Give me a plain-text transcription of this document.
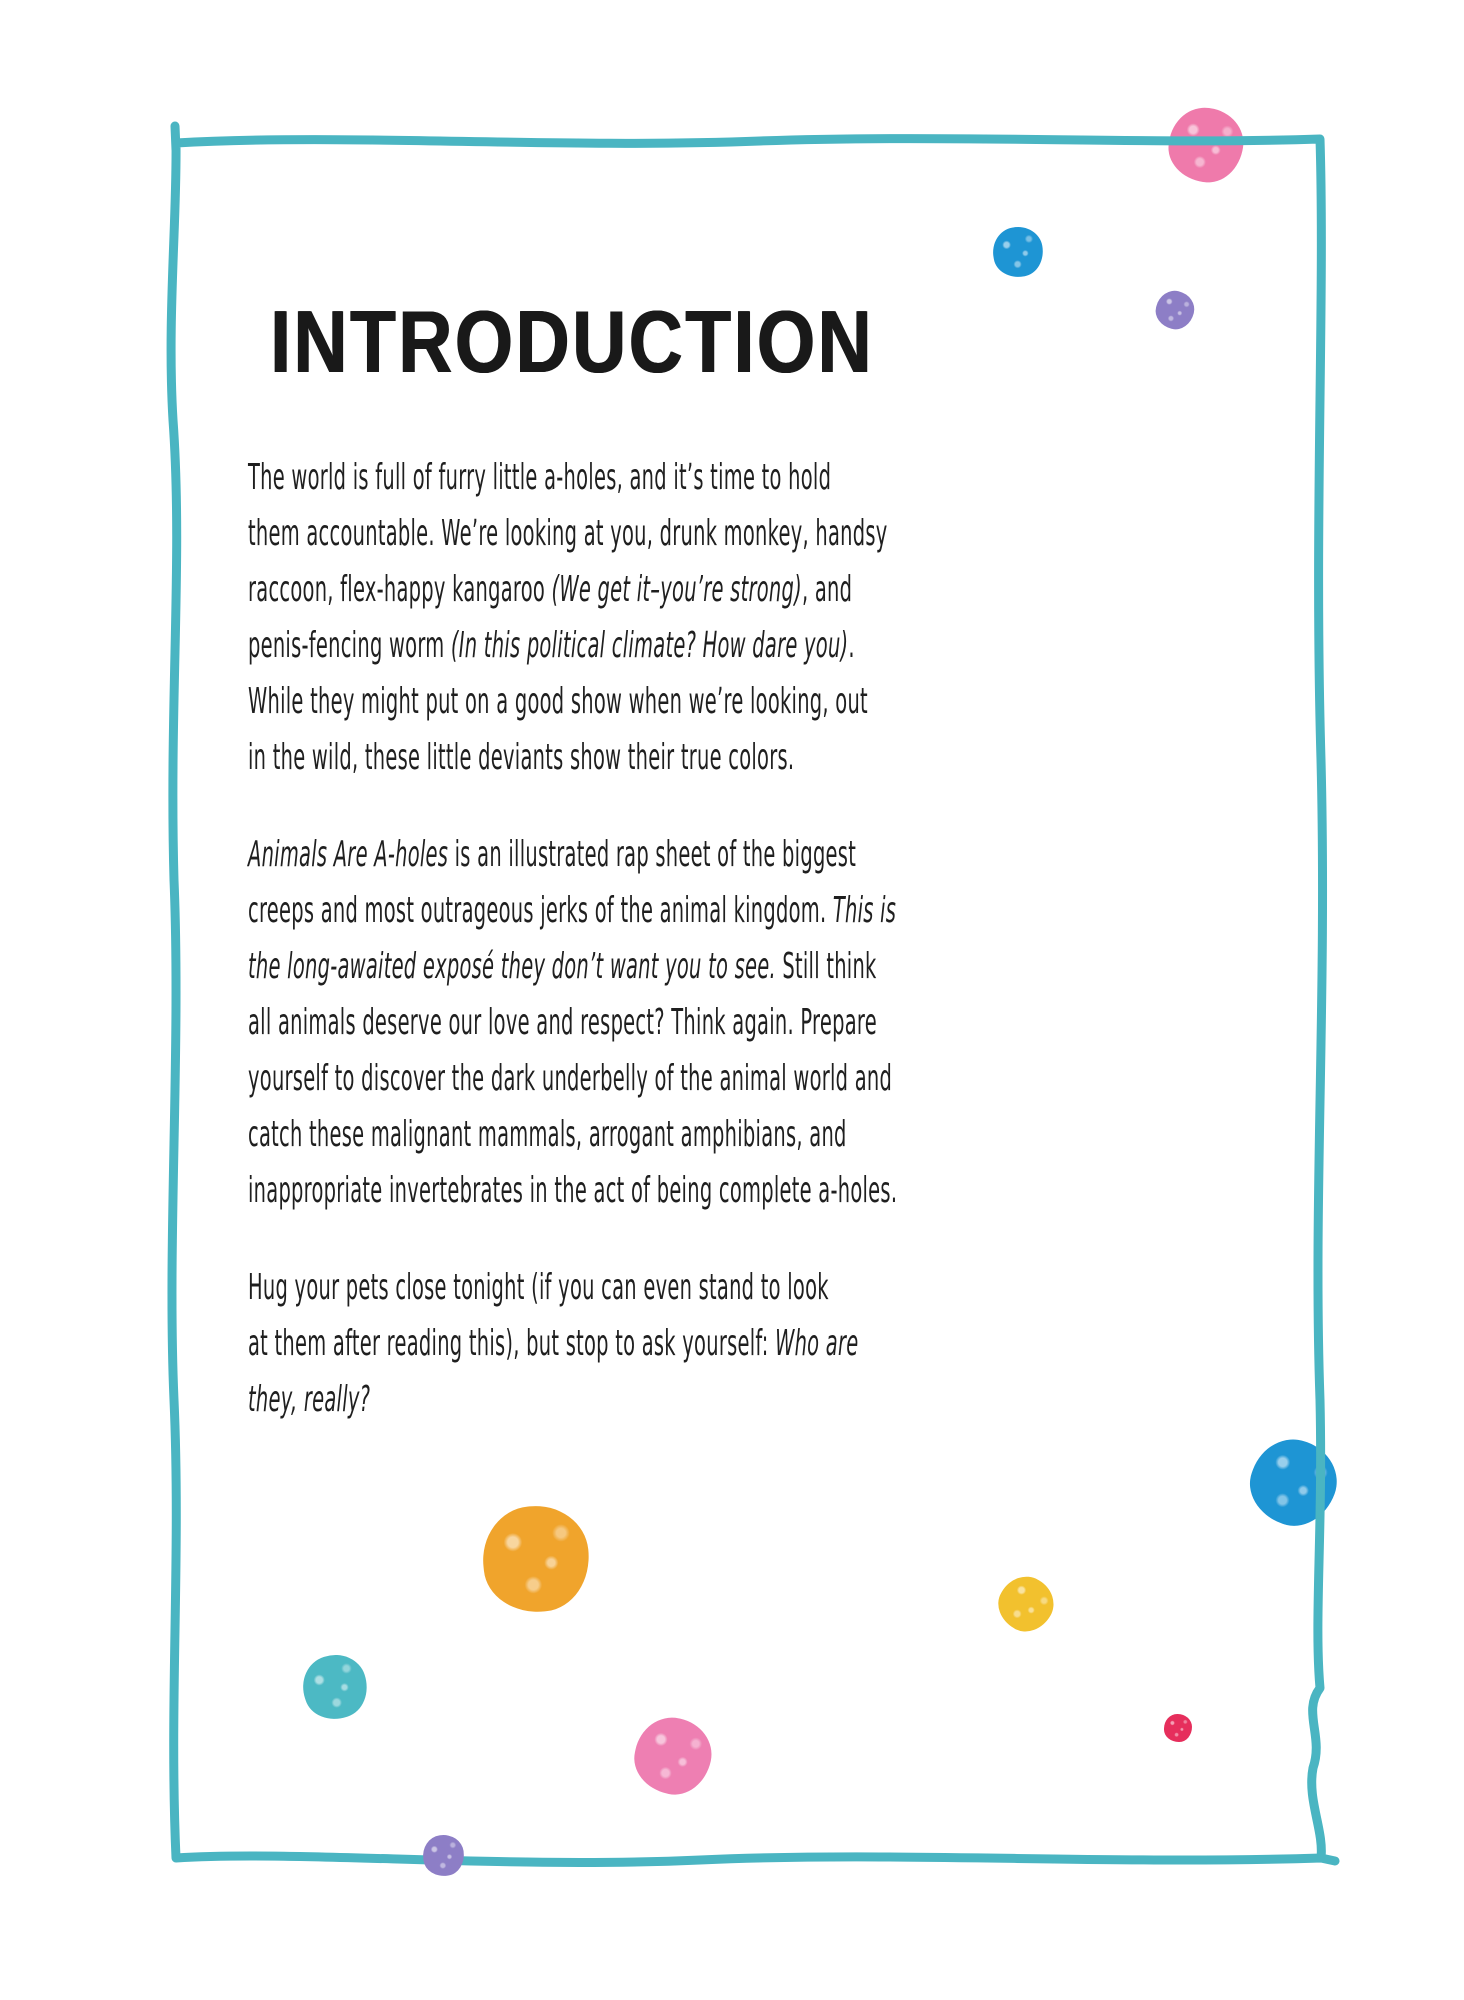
INTRODUCTION
The world is full of furry little a-holes, and it’s time to hold
them accountable. We’re looking at you, drunk monkey, handsy
raccoon, flex-happy kangaroo (We get it–you’re strong), and
penis-fencing worm (In this political climate? How dare you).
While they might put on a good show when we’re looking, out
in the wild, these little deviants show their true colors.
Animals Are A-holes is an illustrated rap sheet of the biggest
creeps and most outrageous jerks of the animal kingdom. This is
the long-awaited exposé they don’t want you to see. Still think
all animals deserve our love and respect? Think again. Prepare
yourself to discover the dark underbelly of the animal world and
catch these malignant mammals, arrogant amphibians, and
inappropriate invertebrates in the act of being complete a-holes.
Hug your pets close tonight (if you can even stand to look
at them after reading this), but stop to ask yourself: Who are
they, really?
